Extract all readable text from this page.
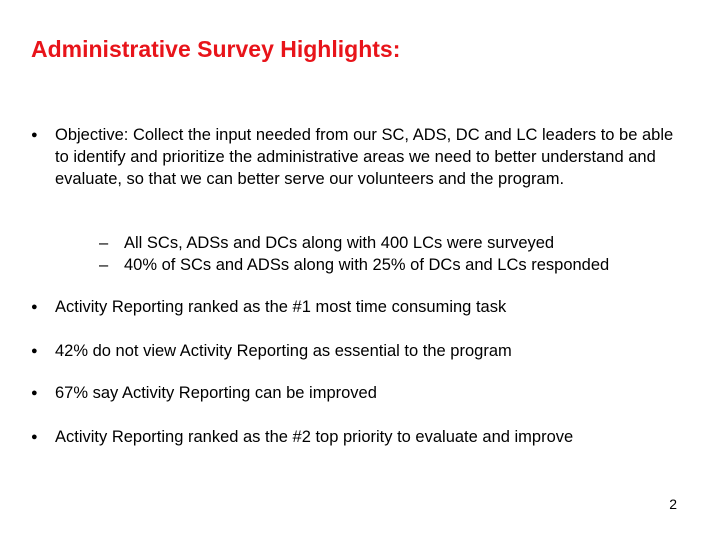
Administrative Survey Highlights:
●	Objective: Collect the input needed from our SC, ADS, DC and LC leaders to be able to identify and prioritize the administrative areas we need to better understand and evaluate, so that we can better serve our volunteers and the program.
– All SCs, ADSs and DCs along with 400 LCs were surveyed
– 40% of SCs and ADSs along with 25% of DCs and LCs responded
●	Activity Reporting ranked as the #1 most time consuming task
●	42% do not view Activity Reporting as essential to the program
●	67% say Activity Reporting can be improved
●	Activity Reporting ranked as the #2 top priority to evaluate and improve
2
